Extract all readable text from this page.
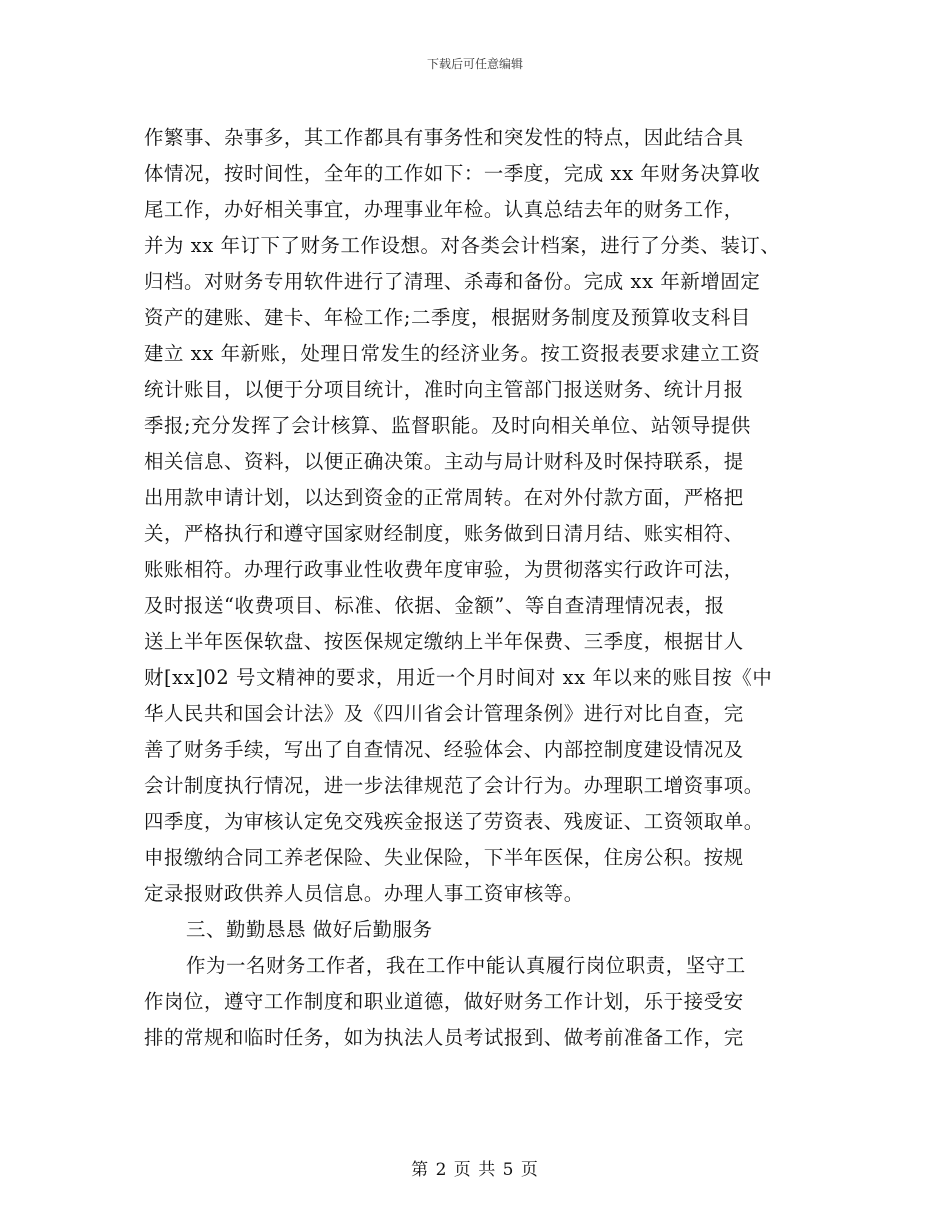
下载后可任意编辑
作繁事、杂事多，其工作都具有事务性和突发性的特点，因此结合具
体情况，按时间性，全年的工作如下：一季度，完成 xx 年财务决算收
尾工作，办好相关事宜，办理事业年检。认真总结去年的财务工作，
并为 xx 年订下了财务工作设想。对各类会计档案，进行了分类、装订、
归档。对财务专用软件进行了清理、杀毒和备份。完成 xx 年新增固定
资产的建账、建卡、年检工作;二季度，根据财务制度及预算收支科目
建立 xx 年新账，处理日常发生的经济业务。按工资报表要求建立工资
统计账目，以便于分项目统计，准时向主管部门报送财务、统计月报
季报;充分发挥了会计核算、监督职能。及时向相关单位、站领导提供
相关信息、资料，以便正确决策。主动与局计财科及时保持联系，提
出用款申请计划，以达到资金的正常周转。在对外付款方面，严格把
关，严格执行和遵守国家财经制度，账务做到日清月结、账实相符、
账账相符。办理行政事业性收费年度审验，为贯彻落实行政许可法，
及时报送“收费项目、标准、依据、金额”、等自查清理情况表，报
送上半年医保软盘、按医保规定缴纳上半年保费、三季度，根据甘人
财[xx]02 号文精神的要求，用近一个月时间对 xx 年以来的账目按《中
华人民共和国会计法》及《四川省会计管理条例》进行对比自查，完
善了财务手续，写出了自查情况、经验体会、内部控制度建设情况及
会计制度执行情况，进一步法律规范了会计行为。办理职工增资事项。
四季度，为审核认定免交残疾金报送了劳资表、残废证、工资领取单。
申报缴纳合同工养老保险、失业保险，下半年医保，住房公积。按规
定录报财政供养人员信息。办理人事工资审核等。
三、勤勤恳恳 做好后勤服务
作为一名财务工作者，我在工作中能认真履行岗位职责，坚守工
作岗位，遵守工作制度和职业道德，做好财务工作计划，乐于接受安
排的常规和临时任务，如为执法人员考试报到、做考前准备工作，完
第 2 页 共 5 页
